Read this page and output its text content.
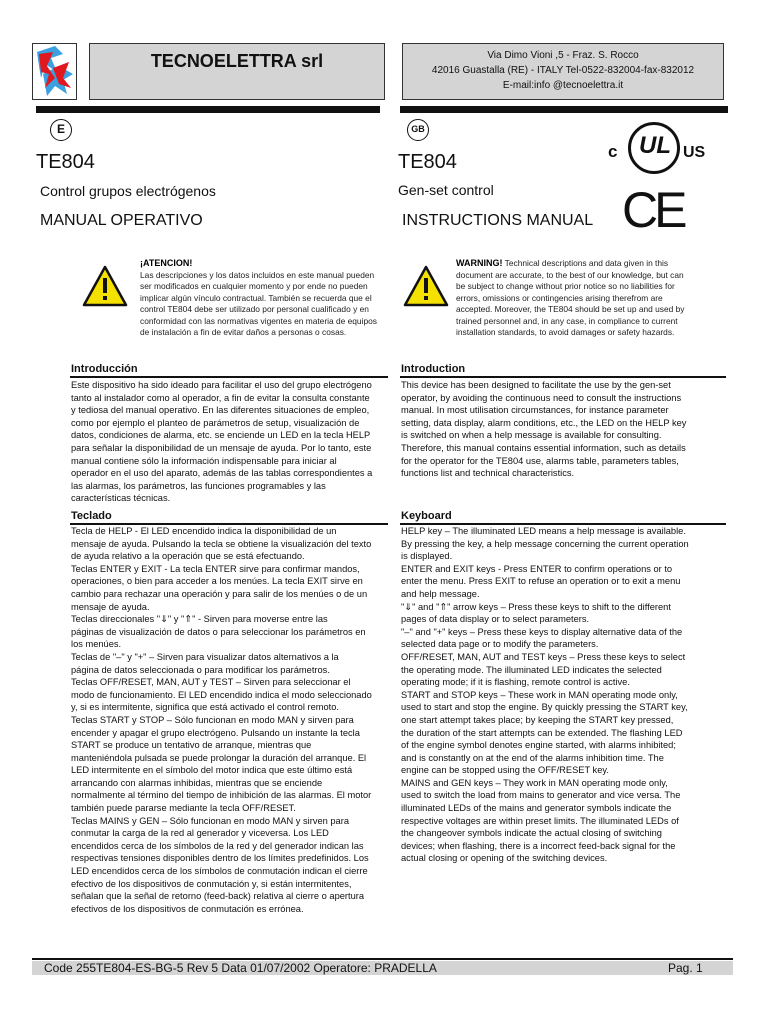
TECNOELETTRA srl	Via Dimo Vioni ,5 - Fraz. S. Rocco
42016 Guastalla (RE) - ITALY Tel-0522-832004-fax-832012
E-mail:info @tecnoelettra.it
E
TE804
Control grupos electrógenos
MANUAL OPERATIVO
GB
TE804
Gen-set control
INSTRUCTIONS MANUAL
c UL US
CE
¡ATENCION!
Las descripciones y los datos incluidos en este manual pueden
ser modificados en cualquier momento y por ende no pueden
implicar algún vínculo contractual. También se recuerda que el
control TE804 debe ser utilizado por personal cualificado y en
conformidad con las normativas vigentes en materia de equipos
de instalación a fin de evitar daños a personas o cosas.
WARNING! Technical descriptions and data given in this
document are accurate, to the best of our knowledge, but can
be subject to change without prior notice so no liabilities for
errors, omissions or contingencies arising therefrom are
accepted. Moreover, the TE804 should be set up and used by
trained personnel and, in any case, in compliance to current
installation standards, to avoid damages or safety hazards.
Introducción
Este dispositivo ha sido ideado para facilitar el uso del grupo electrógeno
tanto al instalador como al operador, a fin de evitar la consulta constante
y tediosa del manual operativo. En las diferentes situaciones de empleo,
como por ejemplo el planteo de parámetros de setup, visualización de
datos, condiciones de alarma, etc. se enciende un LED en la tecla HELP
para señalar la disponibilidad de un mensaje de ayuda. Por lo tanto, este
manual contiene sólo la información indispensable para iniciar al
operador en el uso del aparato, además de las tablas correspondientes a
las alarmas, los parámetros, las funciones programables y las
características técnicas.
Introduction
This device has been designed to facilitate the use by the gen-set
operator, by avoiding the continuous need to consult the instructions
manual. In most utilisation circumstances, for instance parameter
setting, data display, alarm conditions, etc., the LED on the HELP key
is switched on when a help message is available for consulting.
Therefore, this manual contains essential information, such as details
for the operator for the TE804 use, alarms table, parameters tables,
functions list and technical characteristics.
Teclado
Tecla de HELP - El LED encendido indica la disponibilidad de un
mensaje de ayuda. Pulsando la tecla se obtiene la visualización del texto
de ayuda relativo a la operación que se está efectuando.
Teclas ENTER y EXIT - La tecla ENTER sirve para confirmar mandos,
operaciones, o bien para acceder a los menúes. La tecla EXIT sirve en
cambio para rechazar una operación y para salir de los menúes o de un
mensaje de ayuda.
Teclas direccionales "⇓" y "⇑" - Sirven para moverse entre las
páginas de visualización de datos o para seleccionar los parámetros en
los menúes.
Teclas de "–" y "+" – Sirven para visualizar datos alternativos a la
página de datos seleccionada o para modificar los parámetros.
Teclas OFF/RESET, MAN, AUT y TEST – Sirven para seleccionar el
modo de funcionamiento. El LED encendido indica el modo seleccionado
y, si es intermitente, significa que está activado el control remoto.
Teclas START y STOP – Sólo funcionan en modo MAN y sirven para
encender y apagar el grupo electrógeno. Pulsando un instante la tecla
START se produce un tentativo de arranque, mientras que
manteniéndola pulsada se puede prolongar la duración del arranque. El
LED intermitente en el símbolo del motor indica que este último está
arrancando con alarmas inhibidas, mientras que se enciende
normalmente al término del tiempo de inhibición de las alarmas. El motor
también puede pararse mediante la tecla OFF/RESET.
Teclas MAINS y GEN – Sólo funcionan en modo MAN y sirven para
conmutar la carga de la red al generador y viceversa. Los LED
encendidos cerca de los símbolos de la red y del generador indican las
respectivas tensiones disponibles dentro de los límites predefinidos. Los
LED encendidos cerca de los símbolos de conmutación indican el cierre
efectivo de los dispositivos de conmutación y, si están intermitentes,
señalan que la señal de retorno (feed-back) relativa al cierre o apertura
efectivos de los dispositivos de conmutación es errónea.
Keyboard
HELP key – The illuminated LED means a help message is available.
By pressing the key, a help message concerning the current operation
is displayed.
ENTER and EXIT keys - Press ENTER to confirm operations or to
enter the menu. Press EXIT to refuse an operation or to exit a menu
and help message.
"⇓" and "⇑" arrow keys – Press these keys to shift to the different
pages of data display or to select parameters.
"–" and "+" keys – Press these keys to display alternative data of the
selected data page or to modify the parameters.
OFF/RESET, MAN, AUT and TEST keys – Press these keys to select
the operating mode. The illuminated LED indicates the selected
operating mode; if it is flashing, remote control is active.
START and STOP keys – These work in MAN operating mode only,
used to start and stop the engine. By quickly pressing the START key,
one start attempt takes place; by keeping the START key pressed,
the duration of the start attempts can be extended. The flashing LED
of the engine symbol denotes engine started, with alarms inhibited;
and is constantly on at the end of the alarms inhibition time. The
engine can be stopped using the OFF/RESET key.
MAINS and GEN keys – They work in MAN operating mode only,
used to switch the load from mains to generator and vice versa. The
illuminated LEDs of the mains and generator symbols indicate the
respective voltages are within preset limits. The illuminated LEDs of
the changeover symbols indicate the actual closing of switching
devices; when flashing, there is a incorrect feed-back signal for the
actual closing or opening of the switching devices.
Code 255TE804-ES-BG-5 Rev 5 Data 01/07/2002 Operatore: PRADELLA	Pag. 1
